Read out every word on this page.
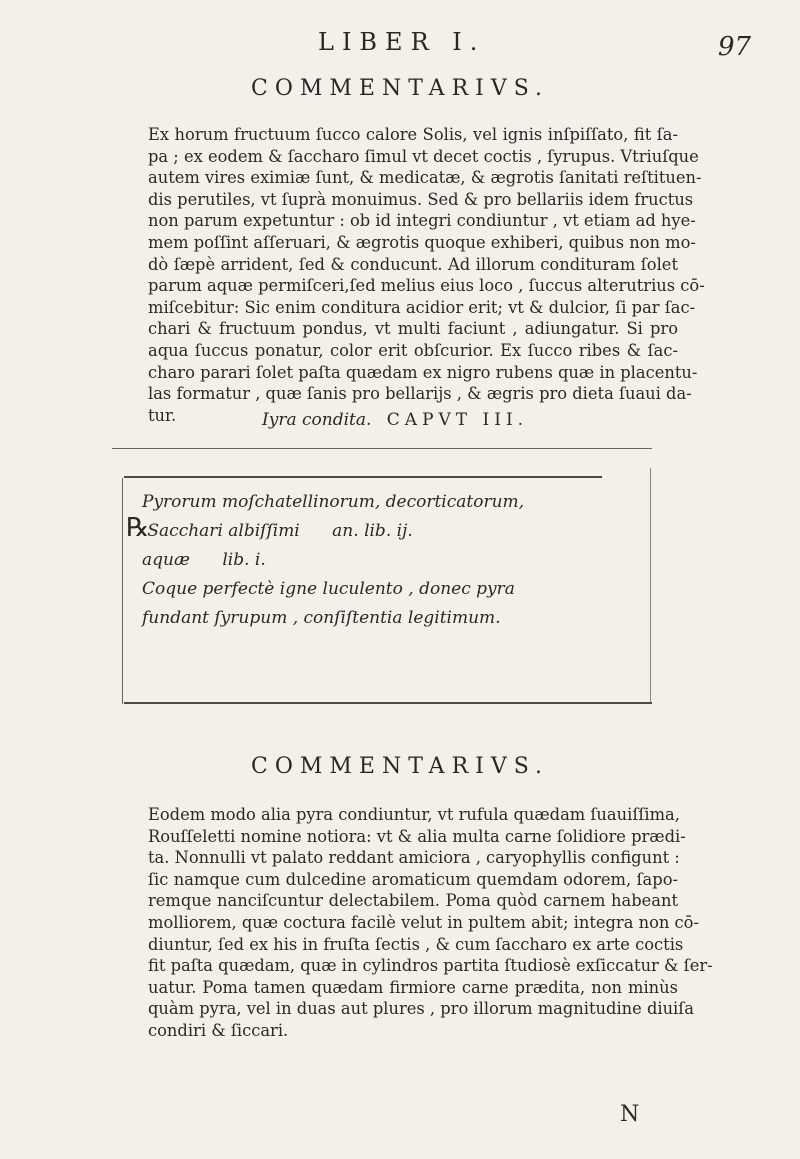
LIBER I.	97
COMMENTARIVS.
Ex horum fructuum ſucco calore Solis, vel ignis inſpiſſato, fit ſa-
pa ; ex eodem & ſaccharo ſimul vt decet coctis , ſyrupus. Vtriuſque
autem vires eximiæ ſunt, & medicatæ, & ægrotis ſanitati reſtituen-
dis perutiles, vt ſuprà monuimus. Sed & pro bellariis idem fructus
non parum expetuntur : ob id integri condiuntur , vt etiam ad hye-
mem poſſint aſſeruari, & ægrotis quoque exhiberi, quibus non mo-
dò ſæpè arrident, ſed & conducunt. Ad illorum condituram ſolet
parum aquæ permiſceri,ſed melius eius loco , ſuccus alterutrius cō-
miſcebitur: Sic enim conditura acidior erit; vt & dulcior, ſi par ſac-
chari & fructuum pondus, vt multi faciunt , adiungatur. Si pro
aqua ſuccus ponatur, color erit obſcurior. Ex ſucco ribes & ſac-
charo parari ſolet paſta quædam ex nigro rubens quæ in placentu-
las formatur , quæ ſanis pro bellarijs , & ægris pro dieta ſuaui da-
tur.	Iyra condita. CAPVT III.
℞
Pyrorum moſchatellinorum, decorticatorum,
.Sacchari albiſſimi      an. lib. ij.
aquæ      lib. i.
Coque perfectè igne luculento , donec pyra
fundant ſyrupum , conſiſtentia legitimum.
COMMENTARIVS.
Eodem modo alia pyra condiuntur, vt rufula quædam ſuauiſſima,
Rouſſeletti nomine notiora: vt & alia multa carne ſolidiore prædi-
ta. Nonnulli vt palato reddant amiciora , caryophyllis configunt :
ſic namque cum dulcedine aromaticum quemdam odorem, ſapo-
remque nanciſcuntur delectabilem. Poma quòd carnem habeant
molliorem, quæ coctura facilè velut in pultem abit; integra non cō-
diuntur, ſed ex his in fruſta ſectis , & cum ſaccharo ex arte coctis
fit paſta quædam, quæ in cylindros partita ſtudiosè exſiccatur & ſer-
uatur. Poma tamen quædam firmiore carne prædita, non minùs
quàm pyra, vel in duas aut plures , pro illorum magnitudine diuiſa
condiri & ſiccari.
N
